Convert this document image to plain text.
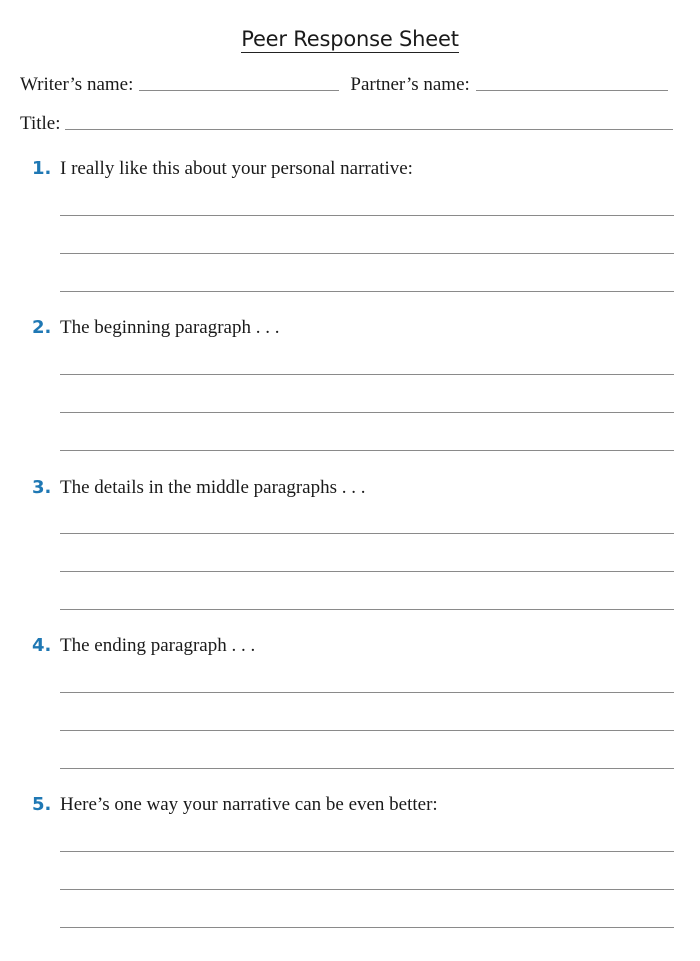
Peer Response Sheet
Writer’s name:	Partner’s name:
Title:
1. I really like this about your personal narrative:
2. The beginning paragraph . . .
3. The details in the middle paragraphs . . .
4. The ending paragraph . . .
5. Here’s one way your narrative can be even better:
